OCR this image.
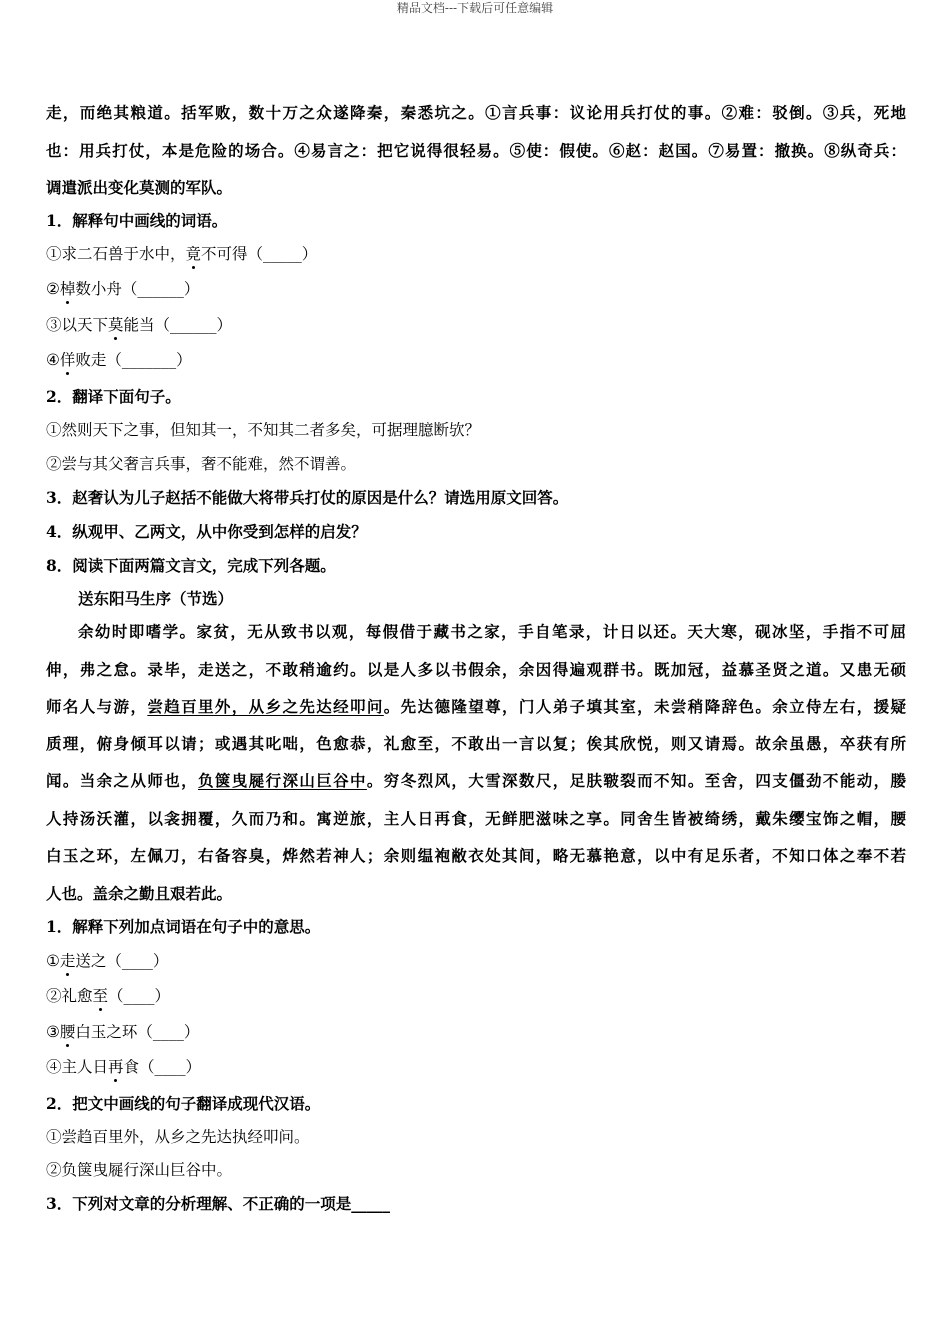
精品文档---下载后可任意编辑
走，而绝其粮道。括军败，数十万之众遂降秦，秦悉坑之。①言兵事：议论用兵打仗的事。②难：驳倒。③兵，死地
也：用兵打仗，本是危险的场合。④易言之：把它说得很轻易。⑤使：假使。⑥赵：赵国。⑦易置：撤换。⑧纵奇兵：
调遣派出变化莫测的军队。
1．解释句中画线的词语。
①求二石兽于水中，竟不可得（_____）
②棹数小舟（______）
③以天下莫能当（______）
④佯败走（_______）
2．翻译下面句子。
①然则天下之事，但知其一，不知其二者多矣，可据理臆断欤？
②尝与其父奢言兵事，奢不能难，然不谓善。
3．赵奢认为儿子赵括不能做大将带兵打仗的原因是什么？请选用原文回答。
4．纵观甲、乙两文，从中你受到怎样的启发？
8．阅读下面两篇文言文，完成下列各题。
送东阳马生序（节选）
余幼时即嗜学。家贫，无从致书以观，每假借于藏书之家，手自笔录，计日以还。天大寒，砚冰坚，手指不可屈
伸，弗之怠。录毕，走送之，不敢稍逾约。以是人多以书假余，余因得遍观群书。既加冠，益慕圣贤之道。又患无硕
师名人与游，尝趋百里外，从乡之先达经叩问。先达德隆望尊，门人弟子填其室，未尝稍降辞色。余立侍左右，援疑
质理，俯身倾耳以请；或遇其叱咄，色愈恭，礼愈至，不敢出一言以复；俟其欣悦，则又请焉。故余虽愚，卒获有所
闻。当余之从师也，负箧曳屣行深山巨谷中。穷冬烈风，大雪深数尺，足肤皲裂而不知。至舍，四支僵劲不能动，媵
人持汤沃灌，以衾拥覆，久而乃和。寓逆旅，主人日再食，无鲜肥滋味之享。同舍生皆被绮绣，戴朱缨宝饰之帽，腰
白玉之环，左佩刀，右备容臭，烨然若神人；余则缊袍敝衣处其间，略无慕艳意，以中有足乐者，不知口体之奉不若
人也。盖余之勤且艰若此。
1．解释下列加点词语在句子中的意思。
①走送之（____）
②礼愈至（____）
③腰白玉之环（____）
④主人日再食（____）
2．把文中画线的句子翻译成现代汉语。
①尝趋百里外，从乡之先达执经叩问。
②负箧曳屣行深山巨谷中。
3．下列对文章的分析理解、不正确的一项是_____
